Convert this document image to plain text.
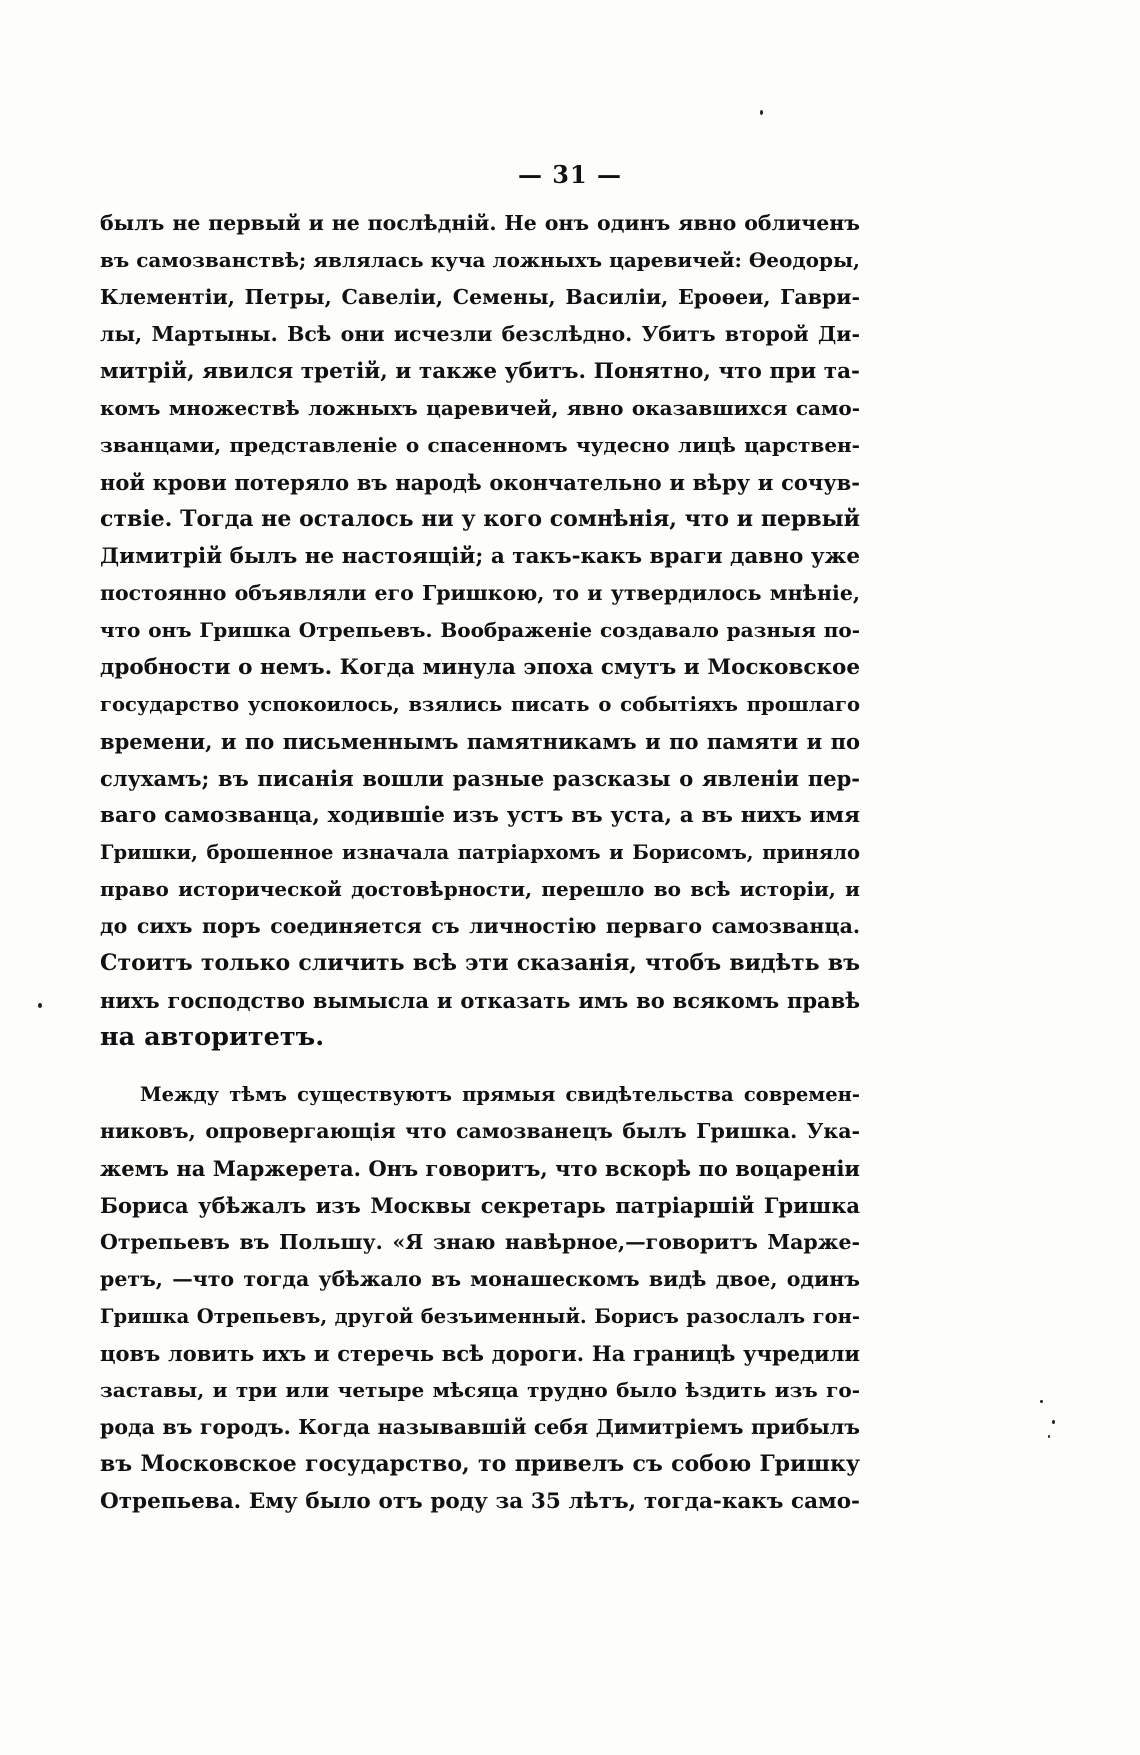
— 31 —
былъ не первый и не послѣдній. Не онъ одинъ явно обличенъ
въ самозванствѣ; являлась куча ложныхъ царевичей: Ѳеодоры,
Клементіи, Петры, Савеліи, Семены, Василіи, Ероѳеи, Гаври-
лы, Мартыны. Всѣ они исчезли безслѣдно. Убитъ второй Ди-
митрій, явился третій, и также убитъ. Понятно, что при та-
комъ множествѣ ложныхъ царевичей, явно оказавшихся само-
званцами, представленіе о спасенномъ чудесно лицѣ царствен-
ной крови потеряло въ народѣ окончательно и вѣру и сочув-
ствіе. Тогда не осталось ни у кого сомнѣнія, что и первый
Димитрій былъ не настоящій; а такъ-какъ враги давно уже
постоянно объявляли его Гришкою, то и утвердилось мнѣніе,
что онъ Гришка Отрепьевъ. Воображеніе создавало разныя по-
дробности о немъ. Когда минула эпоха смутъ и Московское
государство успокоилось, взялись писать о событіяхъ прошлаго
времени, и по письменнымъ памятникамъ и по памяти и по
слухамъ; въ писанія вошли разные разсказы о явленіи пер-
ваго самозванца, ходившіе изъ устъ въ уста, а въ нихъ имя
Гришки, брошенное изначала патріархомъ и Борисомъ, приняло
право исторической достовѣрности, перешло во всѣ исторіи, и
до сихъ поръ соединяется съ личностію перваго самозванца.
Стоитъ только сличить всѣ эти сказанія, чтобъ видѣть въ
нихъ господство вымысла и отказать имъ во всякомъ правѣ
на авторитетъ.
Между тѣмъ существуютъ прямыя свидѣтельства современ-
никовъ, опровергающія что самозванецъ былъ Гришка. Ука-
жемъ на Маржерета. Онъ говоритъ, что вскорѣ по воцареніи
Бориса убѣжалъ изъ Москвы секретарь патріаршій Гришка
Отрепьевъ въ Польшу. «Я знаю навѣрное,—говоритъ Маржe-
ретъ, —что тогда убѣжало въ монашескомъ видѣ двое, одинъ
Гришка Отрепьевъ, другой безъименный. Борисъ разослалъ гон-
цовъ ловить ихъ и стеречь всѣ дороги. На границѣ учредили
заставы, и три или четыре мѣсяца трудно было ѣздить изъ го-
рода въ городъ. Когда называвшій себя Димитріемъ прибылъ
въ Московское государство, то привелъ съ собою Гришку
Отрепьева. Ему было отъ роду за 35 лѣтъ, тогда-какъ само-
